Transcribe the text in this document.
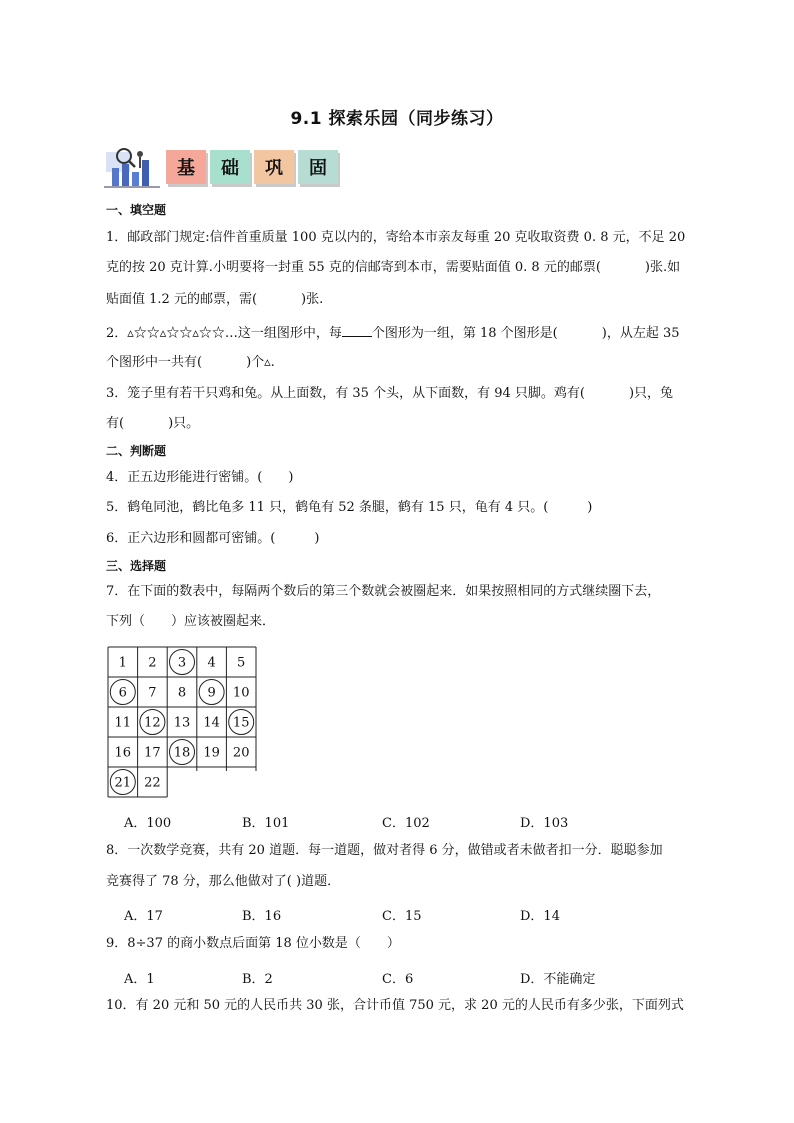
9.1 探索乐园（同步练习）
基	础	巩	固
一、填空题
1．邮政部门规定:信件首重质量 100 克以内的，寄给本市亲友每重 20 克收取资费 0. 8 元，不足 20
克的按 20 克计算.小明要将一封重 55 克的信邮寄到本市，需要贴面值 0. 8 元的邮票(	)张.如
贴面值 1.2 元的邮票，需(	)张.
2．▵☆☆▵☆☆▵☆☆…这一组图形中，每 个图形为一组，第 18 个图形是(	)，从左起 35
个图形中一共有(	)个▵.
3．笼子里有若干只鸡和兔。从上面数，有 35 个头，从下面数，有 94 只脚。鸡有(	)只，兔
有(	)只。
二、判断题
4．正五边形能进行密铺。(　　)
5．鹤龟同池，鹤比龟多 11 只，鹤龟有 52 条腿，鹤有 15 只，龟有 4 只。(　　　)
6．正六边形和圆都可密铺。(　　　)
三、选择题
7．在下面的数表中，每隔两个数后的第三个数就会被圈起来．如果按照相同的方式继续圈下去，
下列（　　）应该被圈起来．
1 2 3 4 5
6 7 8 9 10
11 12 13 14 15
16 17 18 19 20
21 22
A．100	B．101	C．102	D．103
8．一次数学竞赛，共有 20 道题．每一道题，做对者得 6 分，做错或者未做者扣一分．聪聪参加
竞赛得了 78 分，那么他做对了( )道题．
A．17	B．16	C．15	D．14
9．8÷37 的商小数点后面第 18 位小数是（　　）
A．1	B．2	C．6	D．不能确定
10．有 20 元和 50 元的人民币共 30 张，合计币值 750 元，求 20 元的人民币有多少张，下面列式
